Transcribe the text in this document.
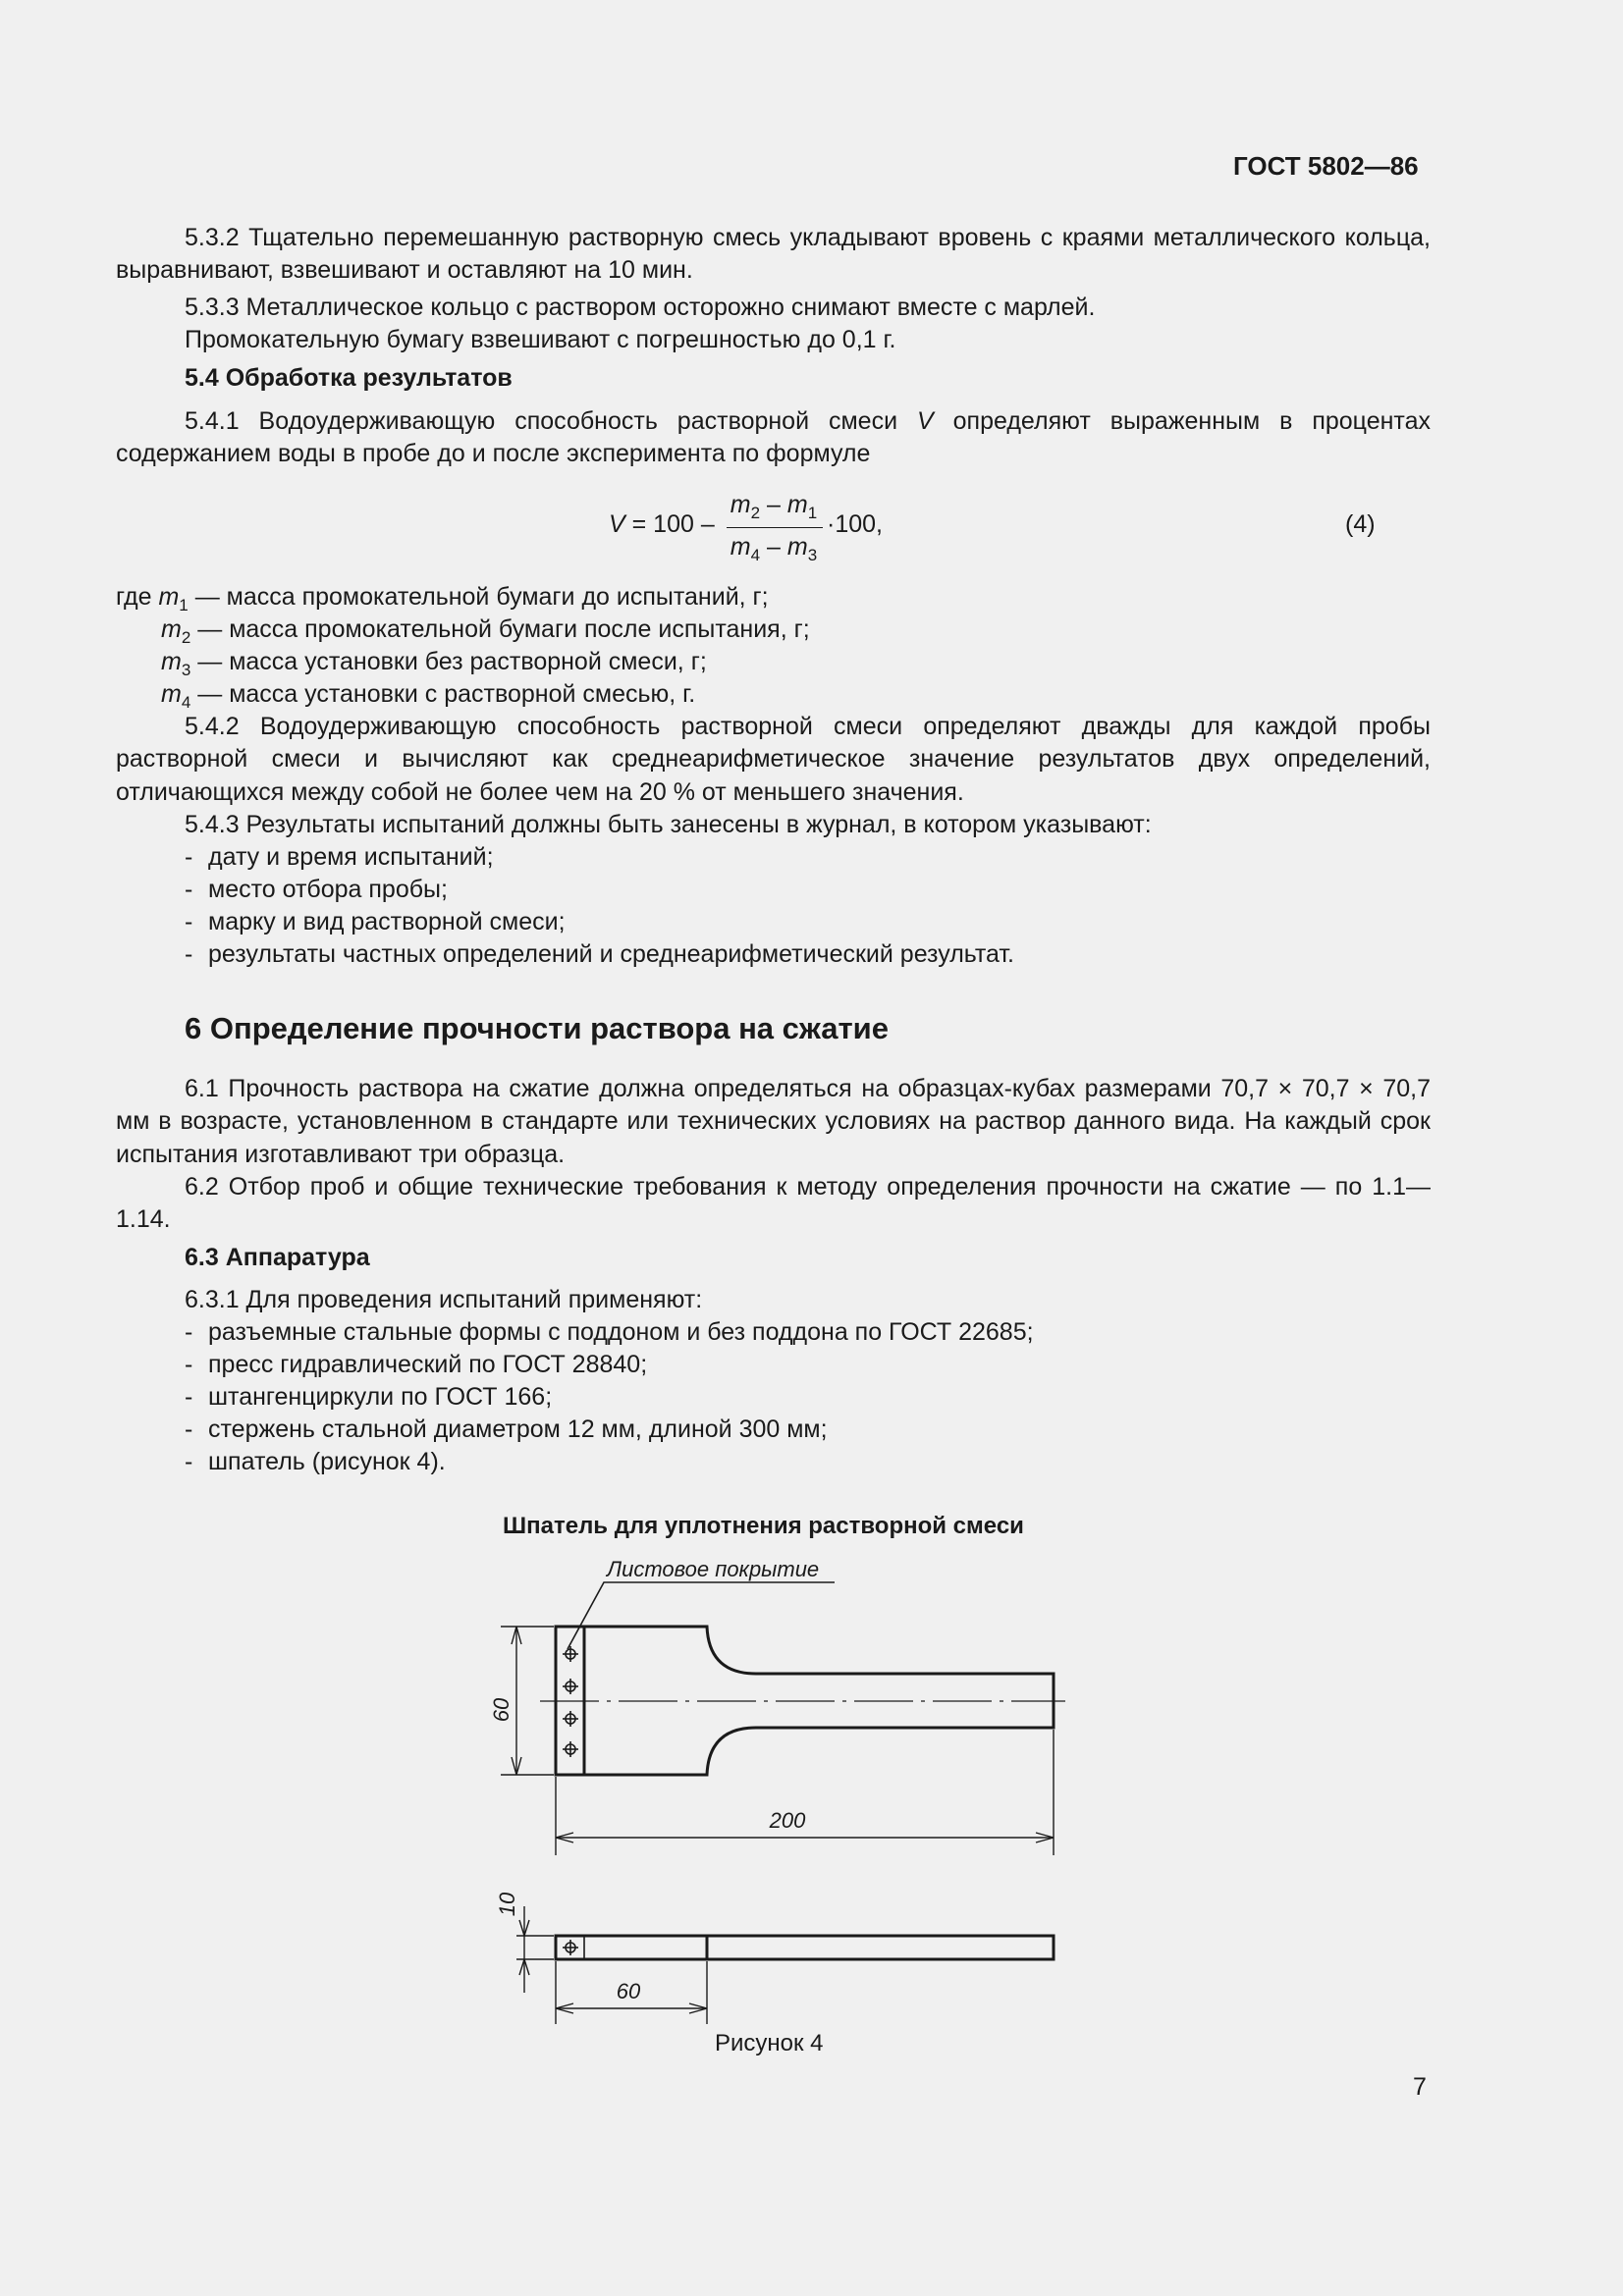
ГОСТ 5802—86
5.3.2 Тщательно перемешанную растворную смесь укладывают вровень с краями металлического кольца, выравнивают, взвешивают и оставляют на 10 мин.
5.3.3 Металлическое кольцо с раствором осторожно снимают вместе с марлей.
Промокательную бумагу взвешивают с погрешностью до 0,1 г.
5.4 Обработка результатов
5.4.1 Водоудерживающую способность растворной смеси V определяют выраженным в процентах содержанием воды в пробе до и после эксперимента по формуле
V = 100 –
$m_2 - m_1$
$m_4 - m_3$
·100,	(4)
где $m_1$ — масса промокательной бумаги до испытаний, г;
$m_2$ — масса промокательной бумаги после испытания, г;
$m_3$ — масса установки без растворной смеси, г;
$m_4$ — масса установки с растворной смесью, г.
5.4.2 Водоудерживающую способность растворной смеси определяют дважды для каждой пробы растворной смеси и вычисляют как среднеарифметическое значение результатов двух определений, отличающихся между собой не более чем на 20 % от меньшего значения.
5.4.3 Результаты испытаний должны быть занесены в журнал, в котором указывают:
- дату и время испытаний;
- место отбора пробы;
- марку и вид растворной смеси;
- результаты частных определений и среднеарифметический результат.
6 Определение прочности раствора на сжатие
6.1 Прочность раствора на сжатие должна определяться на образцах-кубах размерами 70,7 × 70,7 × 70,7 мм в возрасте, установленном в стандарте или технических условиях на раствор данного вида. На каждый срок испытания изготавливают три образца.
6.2 Отбор проб и общие технические требования к методу определения прочности на сжатие — по 1.1—1.14.
6.3 Аппаратура
6.3.1 Для проведения испытаний применяют:
- разъемные стальные формы с поддоном и без поддона по ГОСТ 22685;
- пресс гидравлический по ГОСТ 28840;
- штангенциркули по ГОСТ 166;
- стержень стальной диаметром 12 мм, длиной 300 мм;
- шпатель (рисунок 4).
Шпатель для уплотнения растворной смеси
Листовое покрытие
60
200
10
60
Рисунок 4
7
